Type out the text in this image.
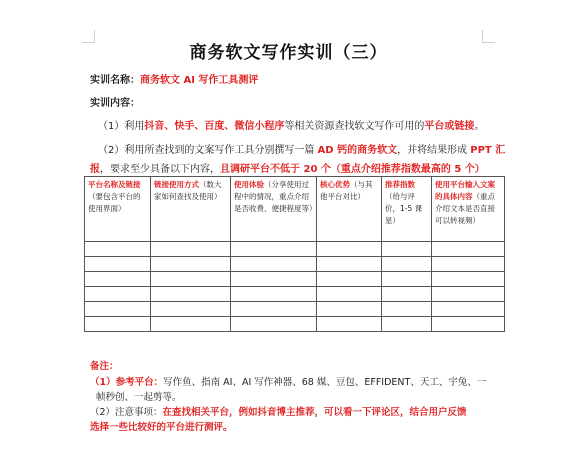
商务软文写作实训（三）
实训名称：商务软文 AI 写作工具测评
实训内容：
（1）利用抖音、快手、百度、微信小程序等相关资源查找软文写作可用的平台或链接。
（2）利用所查找到的文案写作工具分别撰写一篇 AD 钙的商务软文，并将结果形成 PPT 汇
报，要求至少具备以下内容，且调研平台不低于 20 个（重点介绍推荐指数最高的 5 个）
平台名称及链接（要包含平台的使用界面）	链接使用方式（数大家如何查找及使用）	使用体验（分享使用过程中的情况，重点介绍是否收费、便捷程度等）	核心优势（与其他平台对比）	推荐指数（给与评价，1-5 课星）	使用平台输入文案的具体内容（重点介绍文本是否直接可以转视频）

备注：
（1）参考平台：写作鱼、指南 AI、AI 写作神器、68 媒、豆包、EFFIDENT、天工、宇兔、一
帧秒创、一起剪等。
（2）注意事项：在查找相关平台，例如抖音博主推荐，可以看一下评论区，结合用户反馈
选择一些比较好的平台进行测评。
